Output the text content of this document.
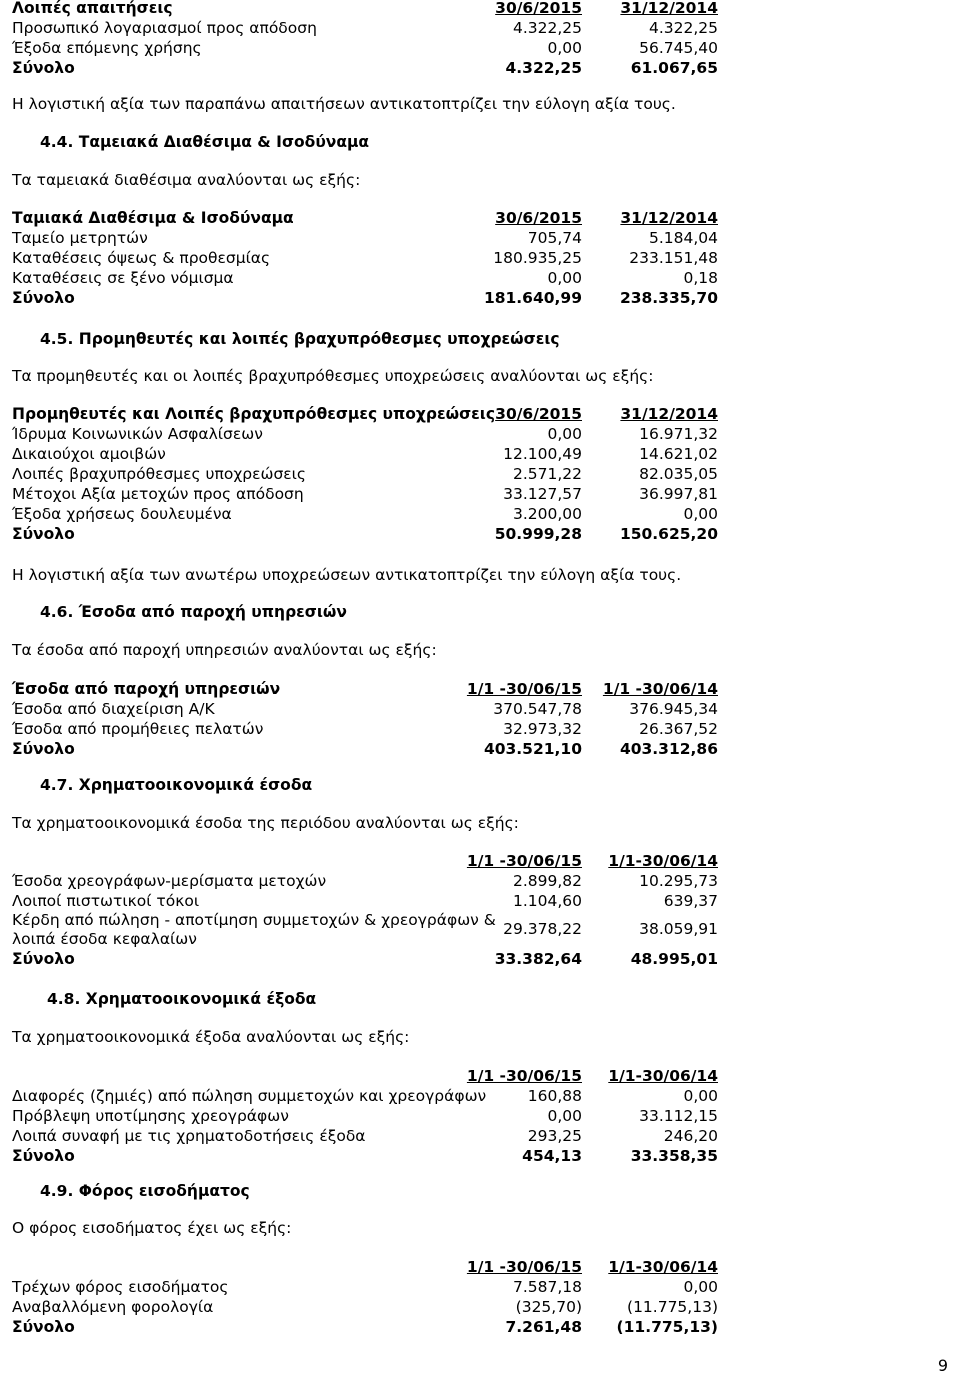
Λοιπές απαιτήσεις	30/6/2015 31/12/2014
Προσωπικό λογαριασμοί προς απόδοση	4.322,25	4.322,25
Έξοδα επόμενης χρήσης	0,00	56.745,40
Σύνολο	4.322,25	61.067,65
Η λογιστική αξία των παραπάνω απαιτήσεων αντικατοπτρίζει την εύλογη αξία τους.
4.4. Ταμειακά Διαθέσιμα & Ισοδύναμα
Τα ταμειακά διαθέσιμα αναλύονται ως εξής:
Ταμιακά Διαθέσιμα & Ισοδύναμα	30/6/2015 31/12/2014
Ταμείο μετρητών	705,74	5.184,04
Καταθέσεις όψεως & προθεσμίας	180.935,25	233.151,48
Καταθέσεις σε ξένο νόμισμα	0,00	0,18
Σύνολο	181.640,99 238.335,70
4.5. Προμηθευτές και λοιπές βραχυπρόθεσμες υποχρεώσεις
Τα προμηθευτές και οι λοιπές βραχυπρόθεσμες υποχρεώσεις αναλύονται ως εξής:
Προμηθευτές και Λοιπές βραχυπρόθεσμες υποχρεώσεις 30/6/2015 31/12/2014
Ίδρυμα Κοινωνικών Ασφαλίσεων	0,00	16.971,32
Δικαιούχοι αμοιβών	12.100,49	14.621,02
Λοιπές βραχυπρόθεσμες υποχρεώσεις	2.571,22	82.035,05
Μέτοχοι Αξία μετοχών προς απόδοση	33.127,57	36.997,81
Έξοδα χρήσεως δουλευμένα	3.200,00	0,00
Σύνολο	50.999,28 150.625,20
Η λογιστική αξία των ανωτέρω υποχρεώσεων αντικατοπτρίζει την εύλογη αξία τους.
4.6. Έσοδα από παροχή υπηρεσιών
Τα έσοδα από παροχή υπηρεσιών αναλύονται ως εξής:
Έσοδα από παροχή υπηρεσιών	1/1 -30/06/15 1/1 -30/06/14
Έσοδα από διαχείριση Α/Κ	370.547,78	376.945,34
Έσοδα από προμήθειες πελατών	32.973,32	26.367,52
Σύνολο	403.521,10 403.312,86
4.7. Χρηματοοικονομικά έσοδα
Τα χρηματοοικονομικά έσοδα της περιόδου αναλύονται ως εξής:
1/1 -30/06/15 1/1-30/06/14
Έσοδα χρεογράφων-μερίσματα μετοχών	2.899,82	10.295,73
Λοιποί πιστωτικοί τόκοι	1.104,60	639,37
Κέρδη από πώληση - αποτίμηση συμμετοχών & χρεογράφων &
λοιπά έσοδα κεφαλαίων
29.378,22	38.059,91
Σύνολο	33.382,64	48.995,01
4.8. Χρηματοοικονομικά έξοδα
Τα χρηματοοικονομικά έξοδα αναλύονται ως εξής:
1/1 -30/06/15 1/1-30/06/14
Διαφορές (ζημιές) από πώληση συμμετοχών και χρεογράφων	160,88	0,00
Πρόβλεψη υποτίμησης χρεογράφων	0,00	33.112,15
Λοιπά συναφή με τις χρηματοδοτήσεις έξοδα	293,25	246,20
Σύνολο	454,13	33.358,35
4.9. Φόρος εισοδήματος
Ο φόρος εισοδήματος έχει ως εξής:
1/1 -30/06/15 1/1-30/06/14
Τρέχων φόρος εισοδήματος	7.587,18	0,00
Αναβαλλόμενη φορολογία	(325,70)	(11.775,13)
Σύνολο	7.261,48 (11.775,13)
9
